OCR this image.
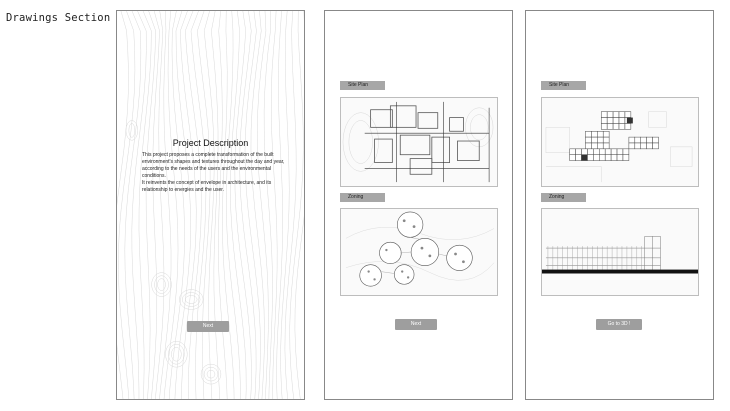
Drawings Section
Project Description

This project proposes a complete transformation of the built environment's shapes and textures throughout the day and year, according to the needs of the users and the environmental conditions.

It reinvents the concept of envelope in architecture, and its relationship to energies and the user.

Next
Site Plan
Zoning
Next
Site Plan
Zoning
Go to 3D !
